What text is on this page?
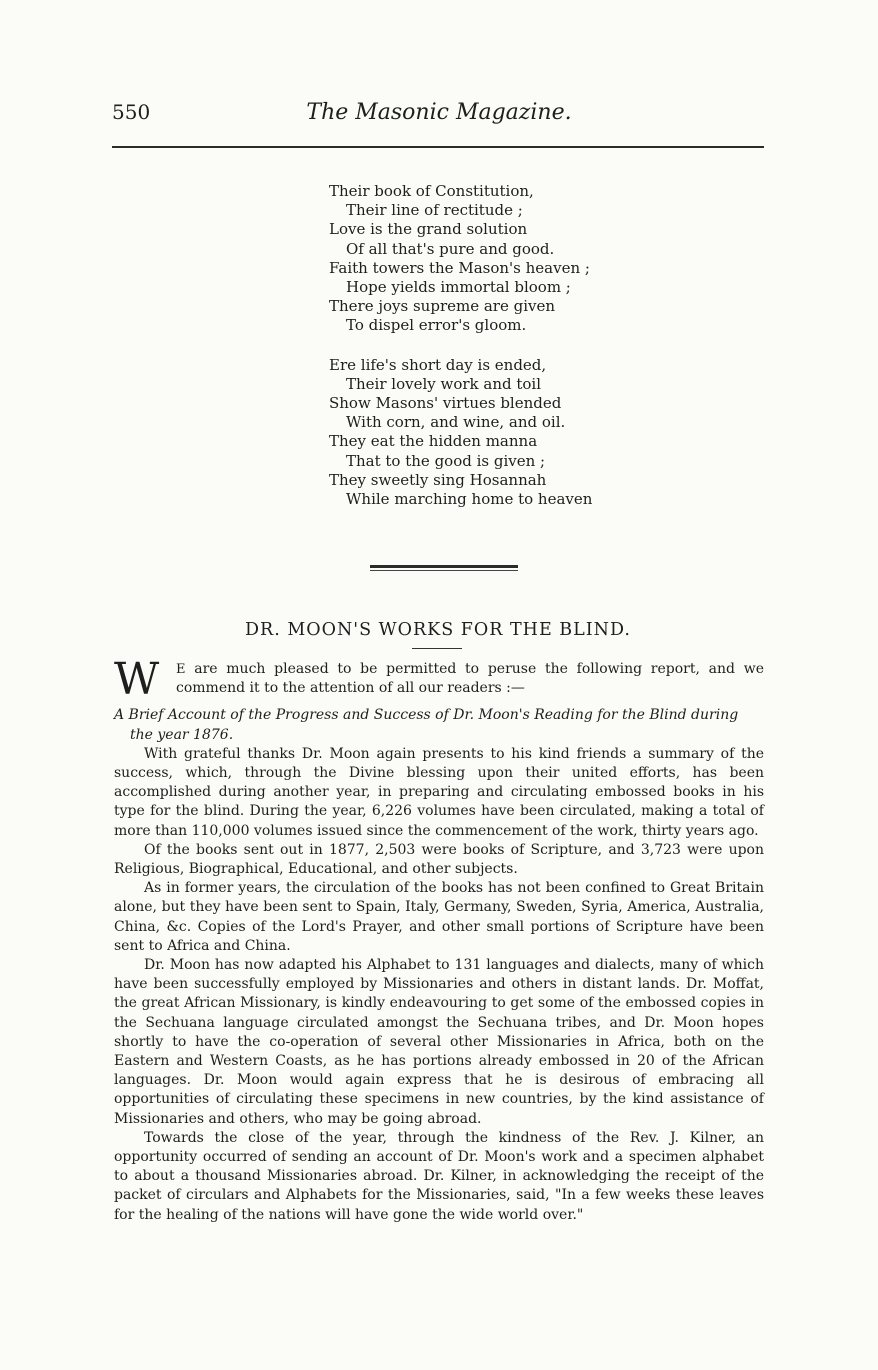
550	The Masonic Magazine.
Their book of Constitution,
Their line of rectitude ;
Love is the grand solution
Of all that's pure and good.
Faith towers the Mason's heaven ;
Hope yields immortal bloom ;
There joys supreme are given
To dispel error's gloom.
Ere life's short day is ended,
Their lovely work and toil
Show Masons' virtues blended
With corn, and wine, and oil.
They eat the hidden manna
That to the good is given ;
They sweetly sing Hosannah
While marching home to heaven
DR. MOON'S WORKS FOR THE BLIND.
W E are much pleased to be permitted to peruse the following report, and we commend it to the attention of all our readers :—
A Brief Account of the Progress and Success of Dr. Moon's Reading for the Blind during the year 1876.
With grateful thanks Dr. Moon again presents to his kind friends a summary of the success, which, through the Divine blessing upon their united efforts, has been accomplished during another year, in preparing and circulating embossed books in his type for the blind. During the year, 6,226 volumes have been circulated, making a total of more than 110,000 volumes issued since the commencement of the work, thirty years ago.
Of the books sent out in 1877, 2,503 were books of Scripture, and 3,723 were upon Religious, Biographical, Educational, and other subjects.
As in former years, the circulation of the books has not been confined to Great Britain alone, but they have been sent to Spain, Italy, Germany, Sweden, Syria, America, Australia, China, &c. Copies of the Lord's Prayer, and other small portions of Scripture have been sent to Africa and China.
Dr. Moon has now adapted his Alphabet to 131 languages and dialects, many of which have been successfully employed by Missionaries and others in distant lands. Dr. Moffat, the great African Missionary, is kindly endeavouring to get some of the embossed copies in the Sechuana language circulated amongst the Sechuana tribes, and Dr. Moon hopes shortly to have the co-operation of several other Missionaries in Africa, both on the Eastern and Western Coasts, as he has portions already embossed in 20 of the African languages. Dr. Moon would again express that he is desirous of embracing all opportunities of circulating these specimens in new countries, by the kind assistance of Missionaries and others, who may be going abroad.
Towards the close of the year, through the kindness of the Rev. J. Kilner, an opportunity occurred of sending an account of Dr. Moon's work and a specimen alphabet to about a thousand Missionaries abroad. Dr. Kilner, in acknowledging the receipt of the packet of circulars and Alphabets for the Missionaries, said, "In a few weeks these leaves for the healing of the nations will have gone the wide world over."
